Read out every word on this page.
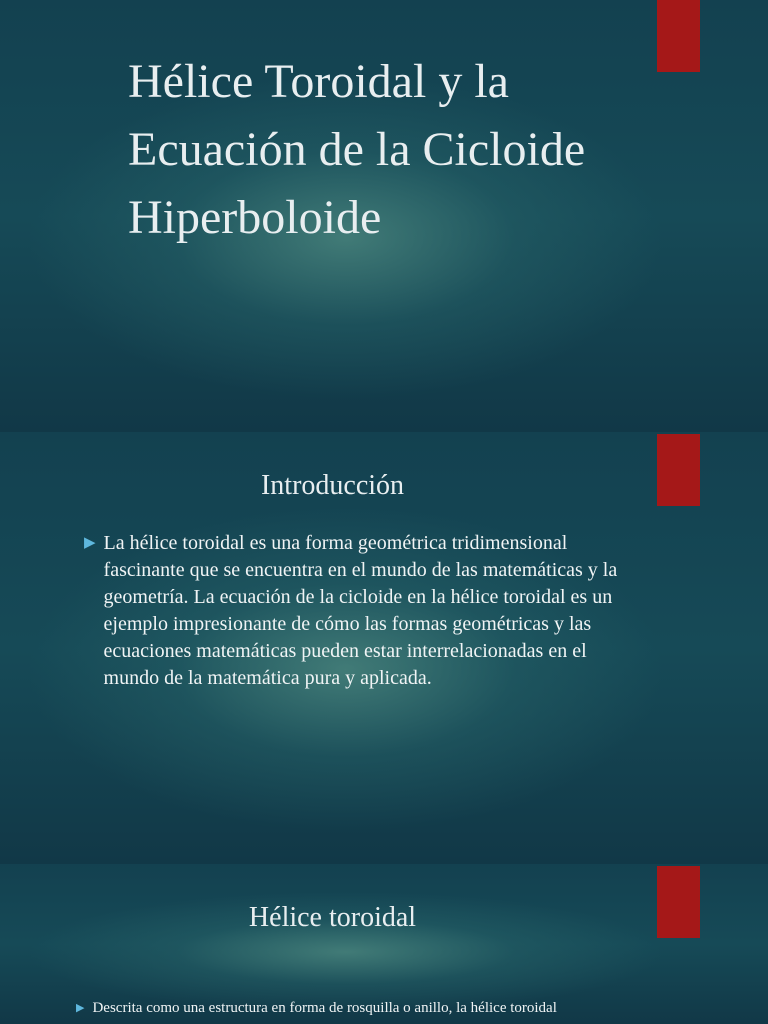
Hélice Toroidal y la Ecuación de la Cicloide Hiperboloide
Introducción
▶ La hélice toroidal es una forma geométrica tridimensional fascinante que se encuentra en el mundo de las matemáticas y la geometría. La ecuación de la cicloide en la hélice toroidal es un ejemplo impresionante de cómo las formas geométricas y las ecuaciones matemáticas pueden estar interrelacionadas en el mundo de la matemática pura y aplicada.

Hélice toroidal
▶ Descrita como una estructura en forma de rosquilla o anillo, la hélice toroidal
